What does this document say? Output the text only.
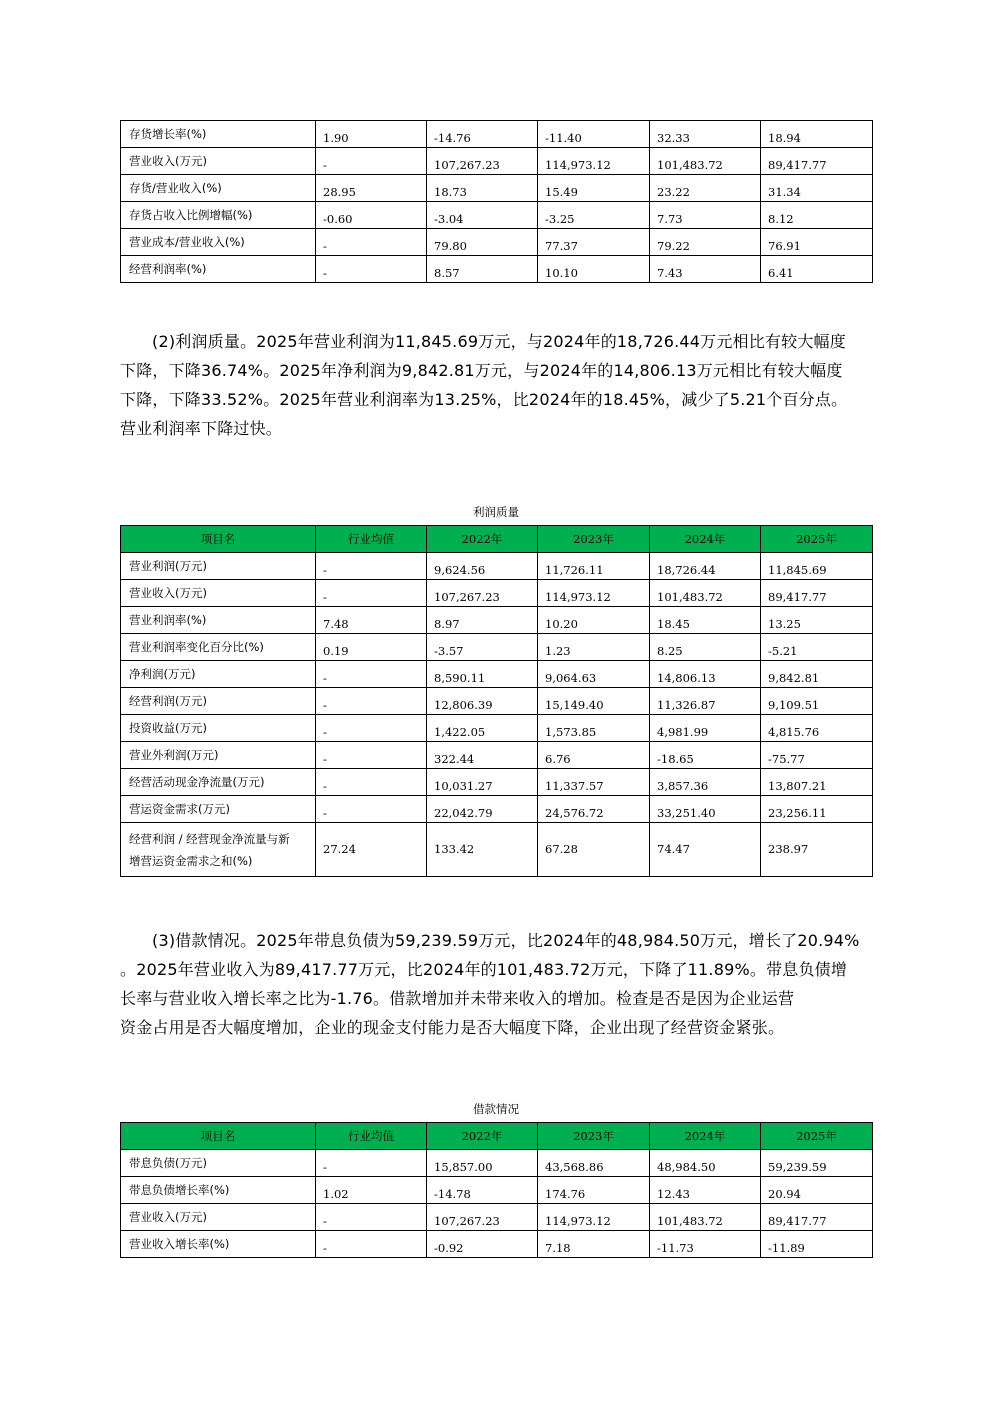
存货增长率(%)	1.90	-14.76	-11.40	32.33	18.94
营业收入(万元)	-	107,267.23	114,973.12	101,483.72	89,417.77
存货/营业收入(%)	28.95	18.73	15.49	23.22	31.34
存货占收入比例增幅(%)	-0.60	-3.04	-3.25	7.73	8.12
营业成本/营业收入(%)	-	79.80	77.37	79.22	76.91
经营利润率(%)	-	8.57	10.10	7.43	6.41
(2)利润质量。2025年营业利润为11,845.69万元，与2024年的18,726.44万元相比有较大幅度
下降，下降36.74%。2025年净利润为9,842.81万元，与2024年的14,806.13万元相比有较大幅度
下降，下降33.52%。2025年营业利润率为13.25%，比2024年的18.45%，减少了5.21个百分点。
营业利润率下降过快。
利润质量
项目名	行业均值	2022年	2023年	2024年	2025年
营业利润(万元)	-	9,624.56	11,726.11	18,726.44	11,845.69
营业收入(万元)	-	107,267.23	114,973.12	101,483.72	89,417.77
营业利润率(%)	7.48	8.97	10.20	18.45	13.25
营业利润率变化百分比(%)	0.19	-3.57	1.23	8.25	-5.21
净利润(万元)	-	8,590.11	9,064.63	14,806.13	9,842.81
经营利润(万元)	-	12,806.39	15,149.40	11,326.87	9,109.51
投资收益(万元)	-	1,422.05	1,573.85	4,981.99	4,815.76
营业外利润(万元)	-	322.44	6.76	-18.65	-75.77
经营活动现金净流量(万元)	-	10,031.27	11,337.57	3,857.36	13,807.21
营运资金需求(万元)	-	22,042.79	24,576.72	33,251.40	23,256.11

经营利润 / 经营现金净流量与新
增营运资金需求之和(%)	27.24	133.42	67.28	74.47	238.97
(3)借款情况。2025年带息负债为59,239.59万元，比2024年的48,984.50万元，增长了20.94%
。2025年营业收入为89,417.77万元，比2024年的101,483.72万元，下降了11.89%。带息负债增
长率与营业收入增长率之比为-1.76。借款增加并未带来收入的增加。检查是否是因为企业运营
资金占用是否大幅度增加，企业的现金支付能力是否大幅度下降，企业出现了经营资金紧张。
借款情况
项目名	行业均值	2022年	2023年	2024年	2025年
带息负债(万元)	-	15,857.00	43,568.86	48,984.50	59,239.59
带息负债增长率(%)	1.02	-14.78	174.76	12.43	20.94
营业收入(万元)	-	107,267.23	114,973.12	101,483.72	89,417.77
营业收入增长率(%)	-	-0.92	7.18	-11.73	-11.89
